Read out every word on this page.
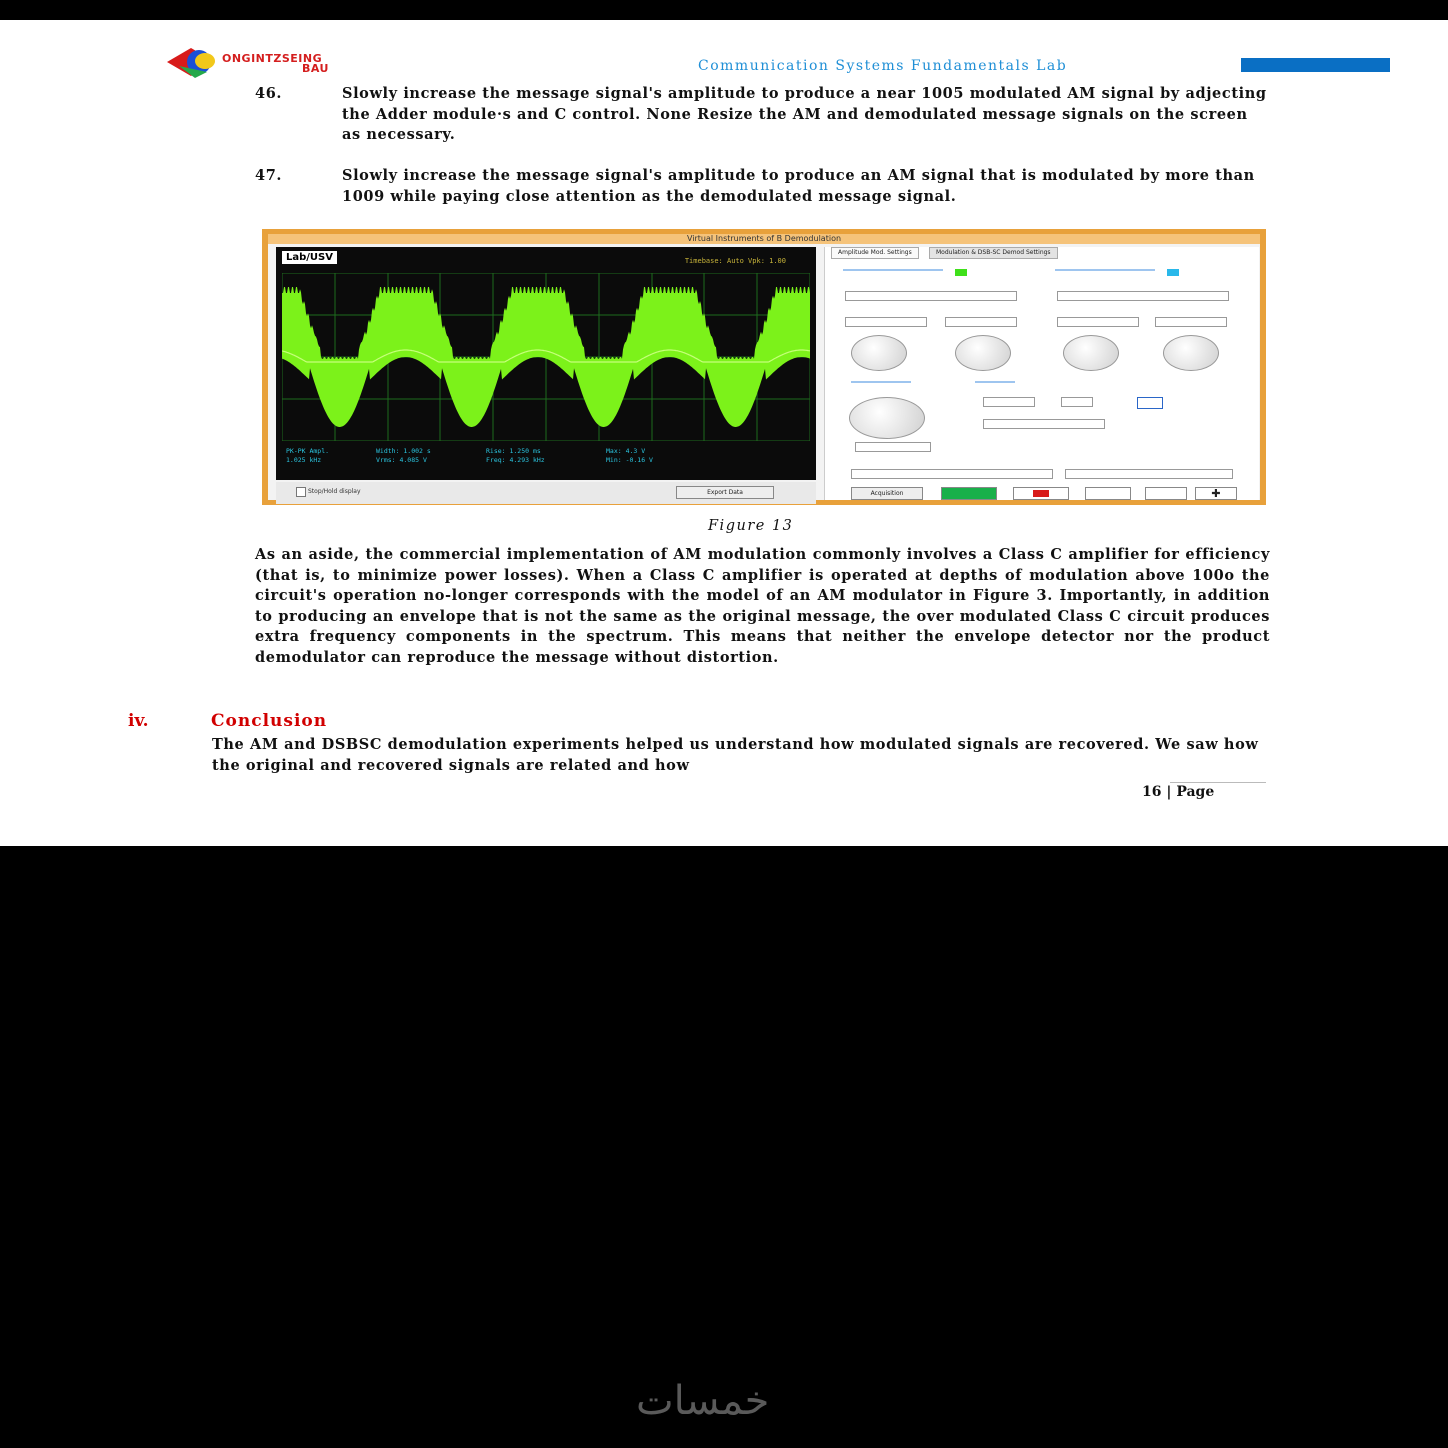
ONGINTZSEING
BAU	Communication Systems Fundamentals Lab
46.	Slowly increase the message signal's amplitude to produce a near 1005 modulated AM signal by adjecting the Adder module·s and C control. None Resize the AM and demodulated message signals on the screen as necessary.
47.	Slowly increase the message signal's amplitude to produce an AM signal that is modulated by more than 1009 while paying close attention as the demodulated message signal.
Virtual Instruments of B Demodulation
Lab/USV	Timebase: Auto Vpk: 1.00
PK-PK Ampl.	Width: 1.002 s	Rise: 1.250 ms	Max: 4.3 V
1.025 kHz	Vrms: 4.085 V	Freq: 4.293 kHz	Min: -0.16 V
Stop/Hold display	Export Data
Amplitude Mod. Settings	Modulation & DSB-SC Demod Settings
Acquisition	✚
Figure 13
As an aside, the commercial implementation of AM modulation commonly involves a Class C amplifier for efficiency (that is, to minimize power losses). When a Class C amplifier is operated at depths of modulation above 100o the circuit's operation no-longer corresponds with the model of an AM modulator in Figure 3. Importantly, in addition to producing an envelope that is not the same as the original message, the over modulated Class C circuit produces extra frequency components in the spectrum. This means that neither the envelope detector nor the product demodulator can reproduce the message without distortion.
iv.	Conclusion
The AM and DSBSC demodulation experiments helped us understand how modulated signals are recovered. We saw how the original and recovered signals are related and how
16 | Page
خمسات
